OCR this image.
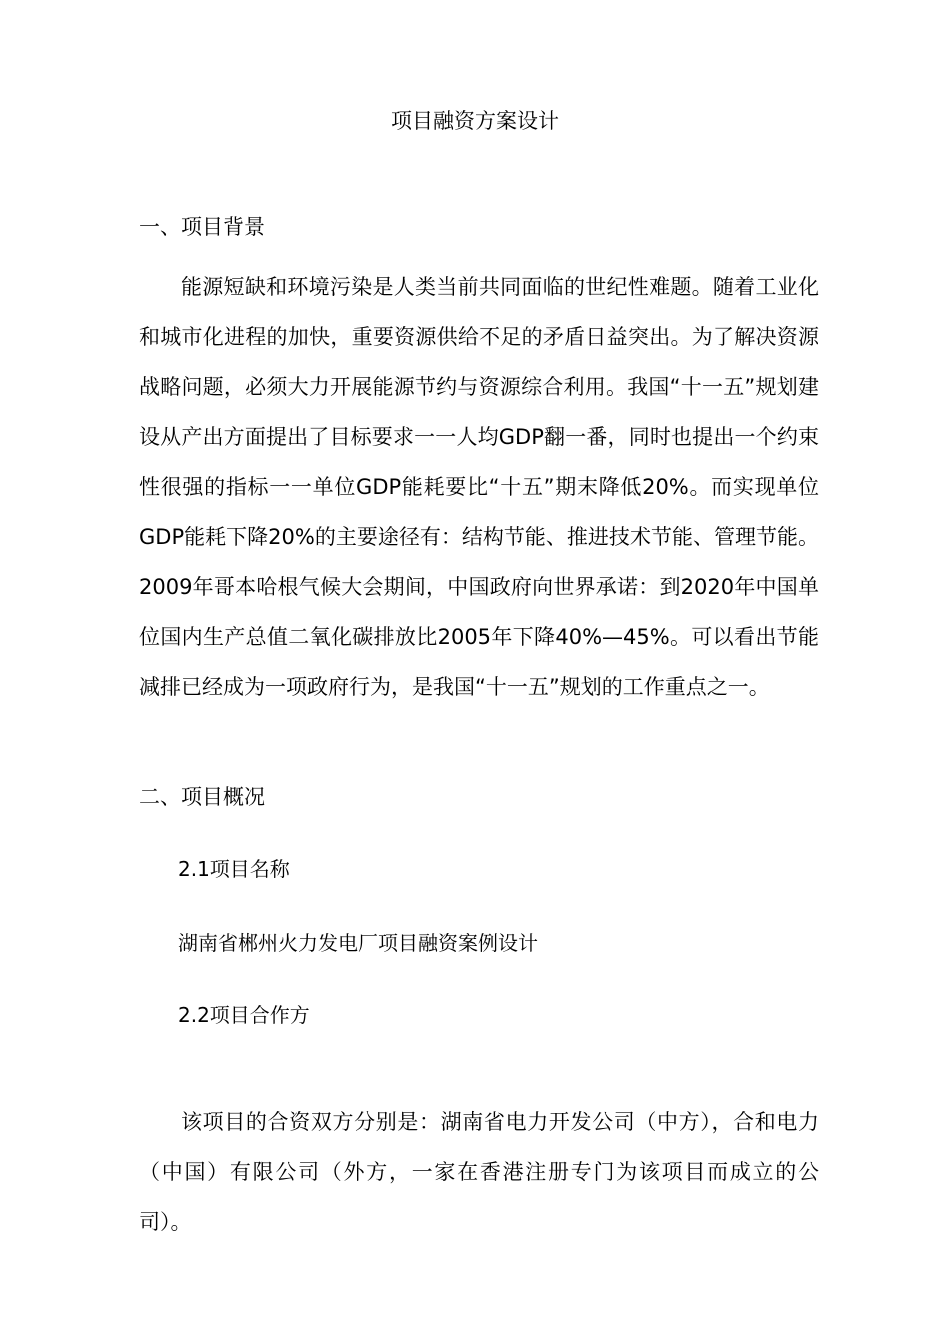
项目融资方案设计
一、项目背景

能源短缺和环境污染是人类当前共同面临的世纪性难题。随着工业化和城市化进程的加快，重要资源供给不足的矛盾日益突出。为了解决资源战略问题，必须大力开展能源节约与资源综合利用。我国“十一五”规划建设从产出方面提出了目标要求一一人均GDP翻一番，同时也提出一个约束性很强的指标一一单位GDP能耗要比“十五”期末降低20%。而实现单位GDP能耗下降20%的主要途径有：结构节能、推进技术节能、管理节能。2009年哥本哈根气候大会期间，中国政府向世界承诺：到2020年中国单位国内生产总值二氧化碳排放比2005年下降40%—45%。可以看出节能减排已经成为一项政府行为，是我国“十一五”规划的工作重点之一。

二、项目概况
2.1项目名称
湖南省郴州火力发电厂项目融资案例设计
2.2项目合作方

该项目的合资双方分别是：湖南省电力开发公司（中方），合和电力（中国）有限公司（外方，一家在香港注册专门为该项目而成立的公司）。
